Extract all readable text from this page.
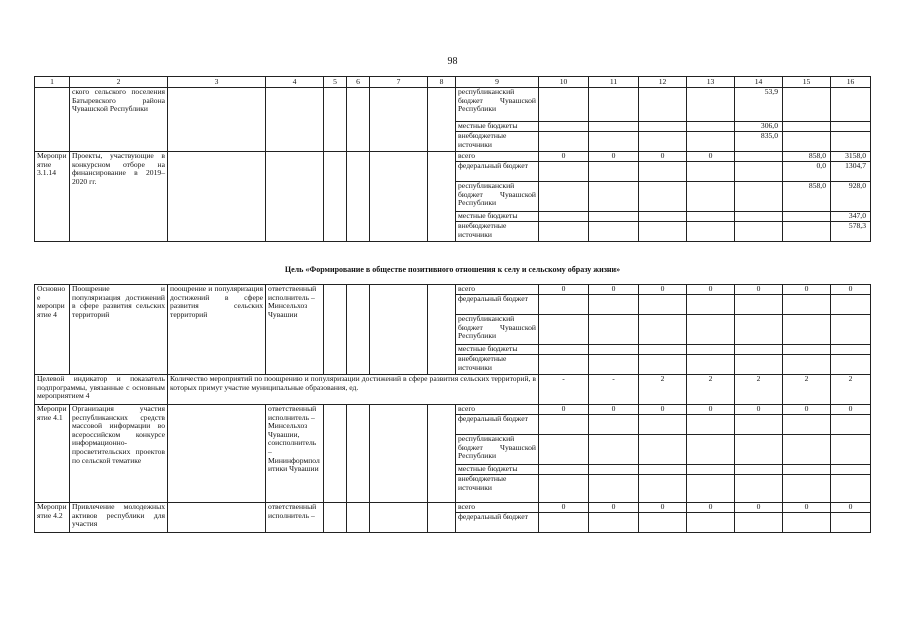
98
1	2	3	4	5	6	7	8	9	10	11	12	13	14	15	16
	ского сельского поселения Батыревского района Чувашской Республики							республиканский бюджет Чувашской Республики					53,9		
								местные бюджеты					306,0		
								внебюджетные источники					835,0		
Мероприятие 3.1.14	Проекты, участвующие в конкурсном отборе на финансирование в 2019–2020 гг.							всего	0	0	0	0		858,0	3158,0
								федеральный бюджет						0,0	1304,7
								республиканский бюджет Чувашской Республики						858,0	928,0
								местные бюджеты							347,0
								внебюджетные источники							578,3
Цель «Формирование в обществе позитивного отношения к селу и сельскому образу жизни»
Основное мероприятие 4	Поощрение и популяризация достижений в сфере развития сельских территорий	поощрение и популяризация достижений в сфере развития сельских территорий	ответственный исполнитель – Минсельхоз Чувашии					всего	0	0	0	0	0	0	0
								федеральный бюджет							
								республиканский бюджет Чувашской Республики							
								местные бюджеты							
								внебюджетные источники							
Целевой индикатор и показатель подпрограммы, увязанные с основным мероприятием 4		Количество мероприятий по поощрению и популяризации достижений в сфере развития сельских территорий, в которых примут участие муниципальные образования, ед.							-	-	2	2	2	2	2
Мероприятие 4.1	Организация участия республиканских средств массовой информации во всероссийском конкурсе информационно-просветительских проектов по сельской тематике		ответственный исполнитель – Минсельхоз Чувашии, соисполнитель – Мининформполитики Чувашии					всего	0	0	0	0	0	0	0
								федеральный бюджет							
								республиканский бюджет Чувашской Республики							
								местные бюджеты							
								внебюджетные источники							
Мероприятие 4.2	Привлечение молодежных активов республики для участия		ответственный исполнитель –					всего	0	0	0	0	0	0	0
								федеральный бюджет							
